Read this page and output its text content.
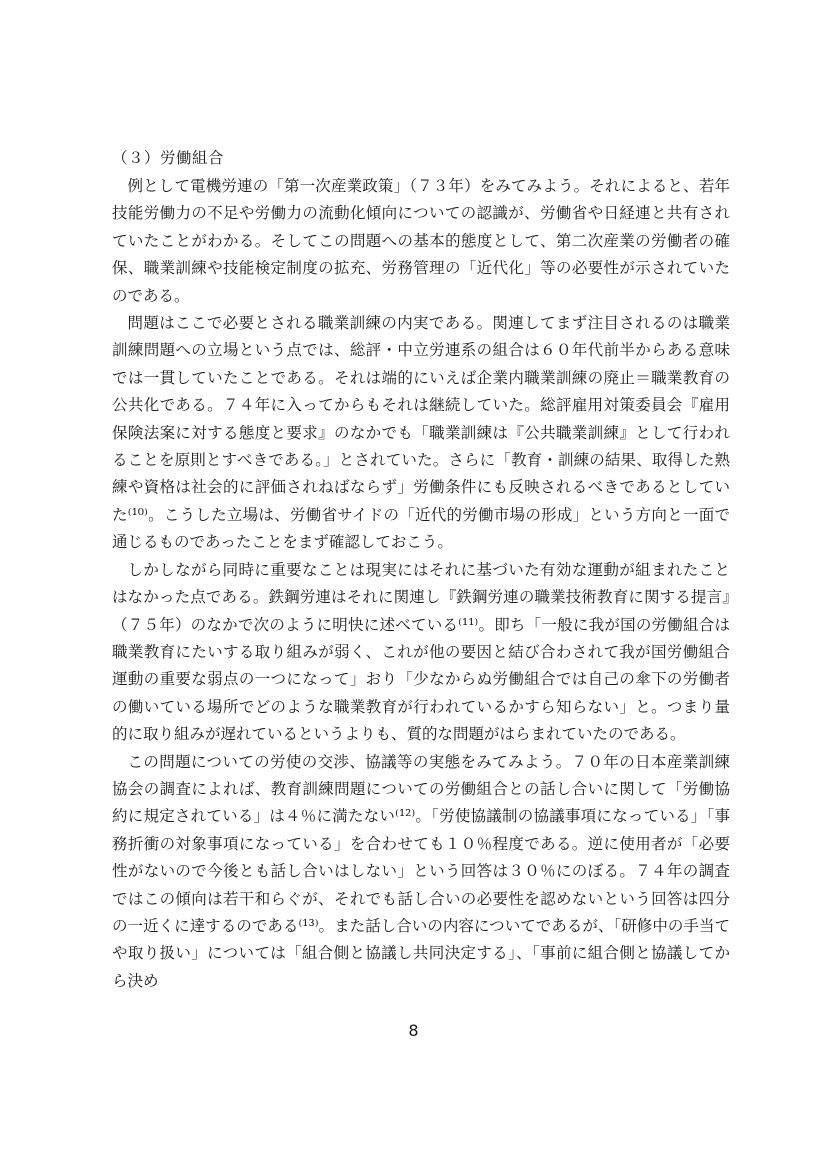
（３）労働組合

例として電機労連の「第一次産業政策」（７３年）をみてみよう。それによると、若年技能労働力の不足や労働力の流動化傾向についての認識が、労働省や日経連と共有されていたことがわかる。そしてこの問題への基本的態度として、第二次産業の労働者の確保、職業訓練や技能検定制度の拡充、労務管理の「近代化」等の必要性が示されていたのである。

問題はここで必要とされる職業訓練の内実である。関連してまず注目されるのは職業訓練問題への立場という点では、総評・中立労連系の組合は６０年代前半からある意味では一貫していたことである。それは端的にいえば企業内職業訓練の廃止＝職業教育の公共化である。７４年に入ってからもそれは継続していた。総評雇用対策委員会『雇用保険法案に対する態度と要求』のなかでも「職業訓練は『公共職業訓練』として行われることを原則とすべきである。」とされていた。さらに「教育・訓練の結果、取得した熟練や資格は社会的に評価されねばならず」労働条件にも反映されるべきであるとしていた⁽¹⁰⁾。こうした立場は、労働省サイドの「近代的労働市場の形成」という方向と一面で通じるものであったことをまず確認しておこう。

しかしながら同時に重要なことは現実にはそれに基づいた有効な運動が組まれたことはなかった点である。鉄鋼労連はそれに関連し『鉄鋼労連の職業技術教育に関する提言』（７５年）のなかで次のように明快に述べている⁽¹¹⁾。即ち「一般に我が国の労働組合は職業教育にたいする取り組みが弱く、これが他の要因と結び合わされて我が国労働組合運動の重要な弱点の一つになって」おり「少なからぬ労働組合では自己の傘下の労働者の働いている場所でどのような職業教育が行われているかすら知らない」と。つまり量的に取り組みが遅れているというよりも、質的な問題がはらまれていたのである。

この問題についての労使の交渉、協議等の実態をみてみよう。７０年の日本産業訓練協会の調査によれば、教育訓練問題についての労働組合との話し合いに関して「労働協約に規定されている」は４％に満たない⁽¹²⁾。「労使協議制の協議事項になっている」「事務折衝の対象事項になっている」を合わせても１０％程度である。逆に使用者が「必要性がないので今後とも話し合いはしない」という回答は３０％にのぼる。７４年の調査ではこの傾向は若干和らぐが、それでも話し合いの必要性を認めないという回答は四分の一近くに達するのである⁽¹³⁾。また話し合いの内容についてであるが、「研修中の手当てや取り扱い」については「組合側と協議し共同決定する」、「事前に組合側と協議してから決め

8
